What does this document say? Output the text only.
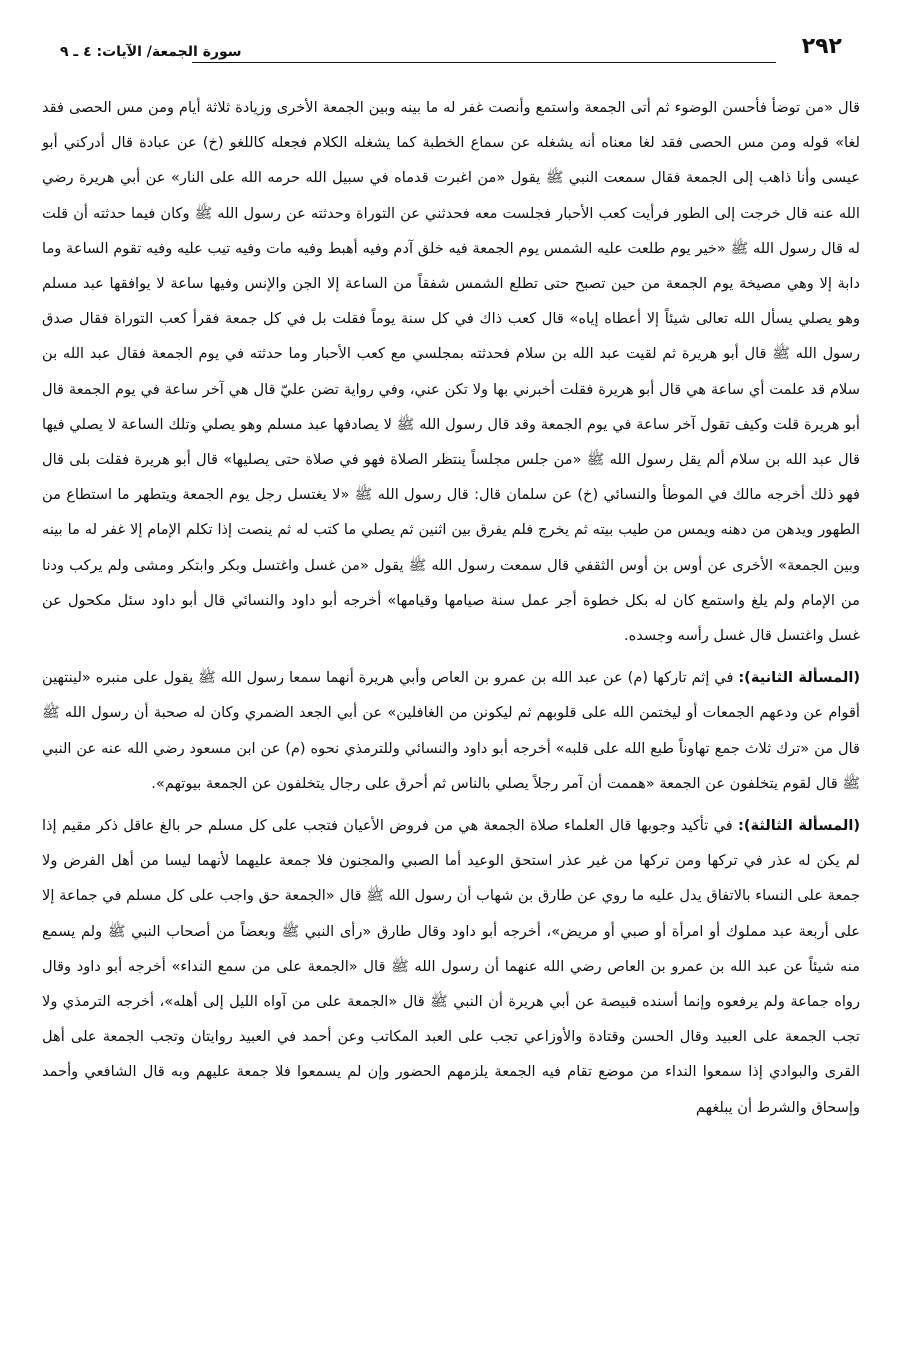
٢٩٢
سورة الجمعة/ الآيات: ٤ ـ ٩

قال «من توضأ فأحسن الوضوء ثم أتى الجمعة واستمع وأنصت غفر له ما بينه وبين الجمعة الأخرى وزيادة ثلاثة أيام ومن مس الحصى فقد لغا» قوله ومن مس الحصى فقد لغا معناه أنه يشغله عن سماع الخطبة كما يشغله الكلام فجعله كاللغو (خ) عن عبادة قال أدركني أبو عيسى وأنا ذاهب إلى الجمعة فقال سمعت النبي ﷺ يقول «من اغبرت قدماه في سبيل الله حرمه الله على النار» عن أبي هريرة رضي الله عنه قال خرجت إلى الطور فرأيت كعب الأحبار فجلست معه فحدثني عن التوراة وحدثته عن رسول الله ﷺ وكان فيما حدثته أن قلت له قال رسول الله ﷺ «خير يوم طلعت عليه الشمس يوم الجمعة فيه خلق آدم وفيه أهبط وفيه مات وفيه تيب عليه وفيه تقوم الساعة وما دابة إلا وهي مصيخة يوم الجمعة من حين تصبح حتى تطلع الشمس شفقاً من الساعة إلا الجن والإنس وفيها ساعة لا يوافقها عبد مسلم وهو يصلي يسأل الله تعالى شيئاً إلا أعطاه إياه» قال كعب ذاك في كل سنة يوماً فقلت بل في كل جمعة فقرأ كعب التوراة فقال صدق رسول الله ﷺ قال أبو هريرة ثم لقيت عبد الله بن سلام فحدثته بمجلسي مع كعب الأحبار وما حدثته في يوم الجمعة فقال عبد الله بن سلام قد علمت أي ساعة هي قال أبو هريرة فقلت أخبرني بها ولا تكن عني، وفي رواية تضن عليّ قال هي آخر ساعة في يوم الجمعة قال أبو هريرة قلت وكيف تقول آخر ساعة في يوم الجمعة وقد قال رسول الله ﷺ لا يصادفها عبد مسلم وهو يصلي وتلك الساعة لا يصلي فيها قال عبد الله بن سلام ألم يقل رسول الله ﷺ «من جلس مجلساً ينتظر الصلاة فهو في صلاة حتى يصليها» قال أبو هريرة فقلت بلى قال فهو ذلك أخرجه مالك في الموطأ والنسائي (خ) عن سلمان قال: قال رسول الله ﷺ «لا يغتسل رجل يوم الجمعة ويتطهر ما استطاع من الطهور ويدهن من دهنه ويمس من طيب بيته ثم يخرج فلم يفرق بين اثنين ثم يصلي ما كتب له ثم ينصت إذا تكلم الإمام إلا غفر له ما بينه وبين الجمعة» الأخرى عن أوس بن أوس الثقفي قال سمعت رسول الله ﷺ يقول «من غسل واغتسل وبكر وابتكر ومشى ولم يركب ودنا من الإمام ولم يلغ واستمع كان له بكل خطوة أجر عمل سنة صيامها وقيامها» أخرجه أبو داود والنسائي قال أبو داود سئل مكحول عن غسل واغتسل قال غسل رأسه وجسده.

(المسألة الثانية): في إثم تاركها (م) عن عبد الله بن عمرو بن العاص وأبي هريرة أنهما سمعا رسول الله ﷺ يقول على منبره «لينتهين أقوام عن ودعهم الجمعات أو ليختمن الله على قلوبهم ثم ليكونن من الغافلين» عن أبي الجعد الضمري وكان له صحبة أن رسول الله ﷺ قال من «ترك ثلاث جمع تهاوناً طبع الله على قلبه» أخرجه أبو داود والنسائي وللترمذي نحوه (م) عن ابن مسعود رضي الله عنه عن النبي ﷺ قال لقوم يتخلفون عن الجمعة «هممت أن آمر رجلاً يصلي بالناس ثم أحرق على رجال يتخلفون عن الجمعة بيوتهم».

(المسألة الثالثة): في تأكيد وجوبها قال العلماء صلاة الجمعة هي من فروض الأعيان فتجب على كل مسلم حر بالغ عاقل ذكر مقيم إذا لم يكن له عذر في تركها ومن تركها من غير عذر استحق الوعيد أما الصبي والمجنون فلا جمعة عليهما لأنهما ليسا من أهل الفرض ولا جمعة على النساء بالاتفاق يدل عليه ما روي عن طارق بن شهاب أن رسول الله ﷺ قال «الجمعة حق واجب على كل مسلم في جماعة إلا على أربعة عبد مملوك أو امرأة أو صبي أو مريض»، أخرجه أبو داود وقال طارق «رأى النبي ﷺ وبعضاً من أصحاب النبي ﷺ ولم يسمع منه شيئاً عن عبد الله بن عمرو بن العاص رضي الله عنهما أن رسول الله ﷺ قال «الجمعة على من سمع النداء» أخرجه أبو داود وقال رواه جماعة ولم يرفعوه وإنما أسنده قبيصة عن أبي هريرة أن النبي ﷺ قال «الجمعة على من آواه الليل إلى أهله»، أخرجه الترمذي ولا تجب الجمعة على العبيد وقال الحسن وقتادة والأوزاعي تجب على العبد المكاتب وعن أحمد في العبيد روايتان وتجب الجمعة على أهل القرى والبوادي إذا سمعوا النداء من موضع تقام فيه الجمعة يلزمهم الحضور وإن لم يسمعوا فلا جمعة عليهم وبه قال الشافعي وأحمد وإسحاق والشرط أن يبلغهم
